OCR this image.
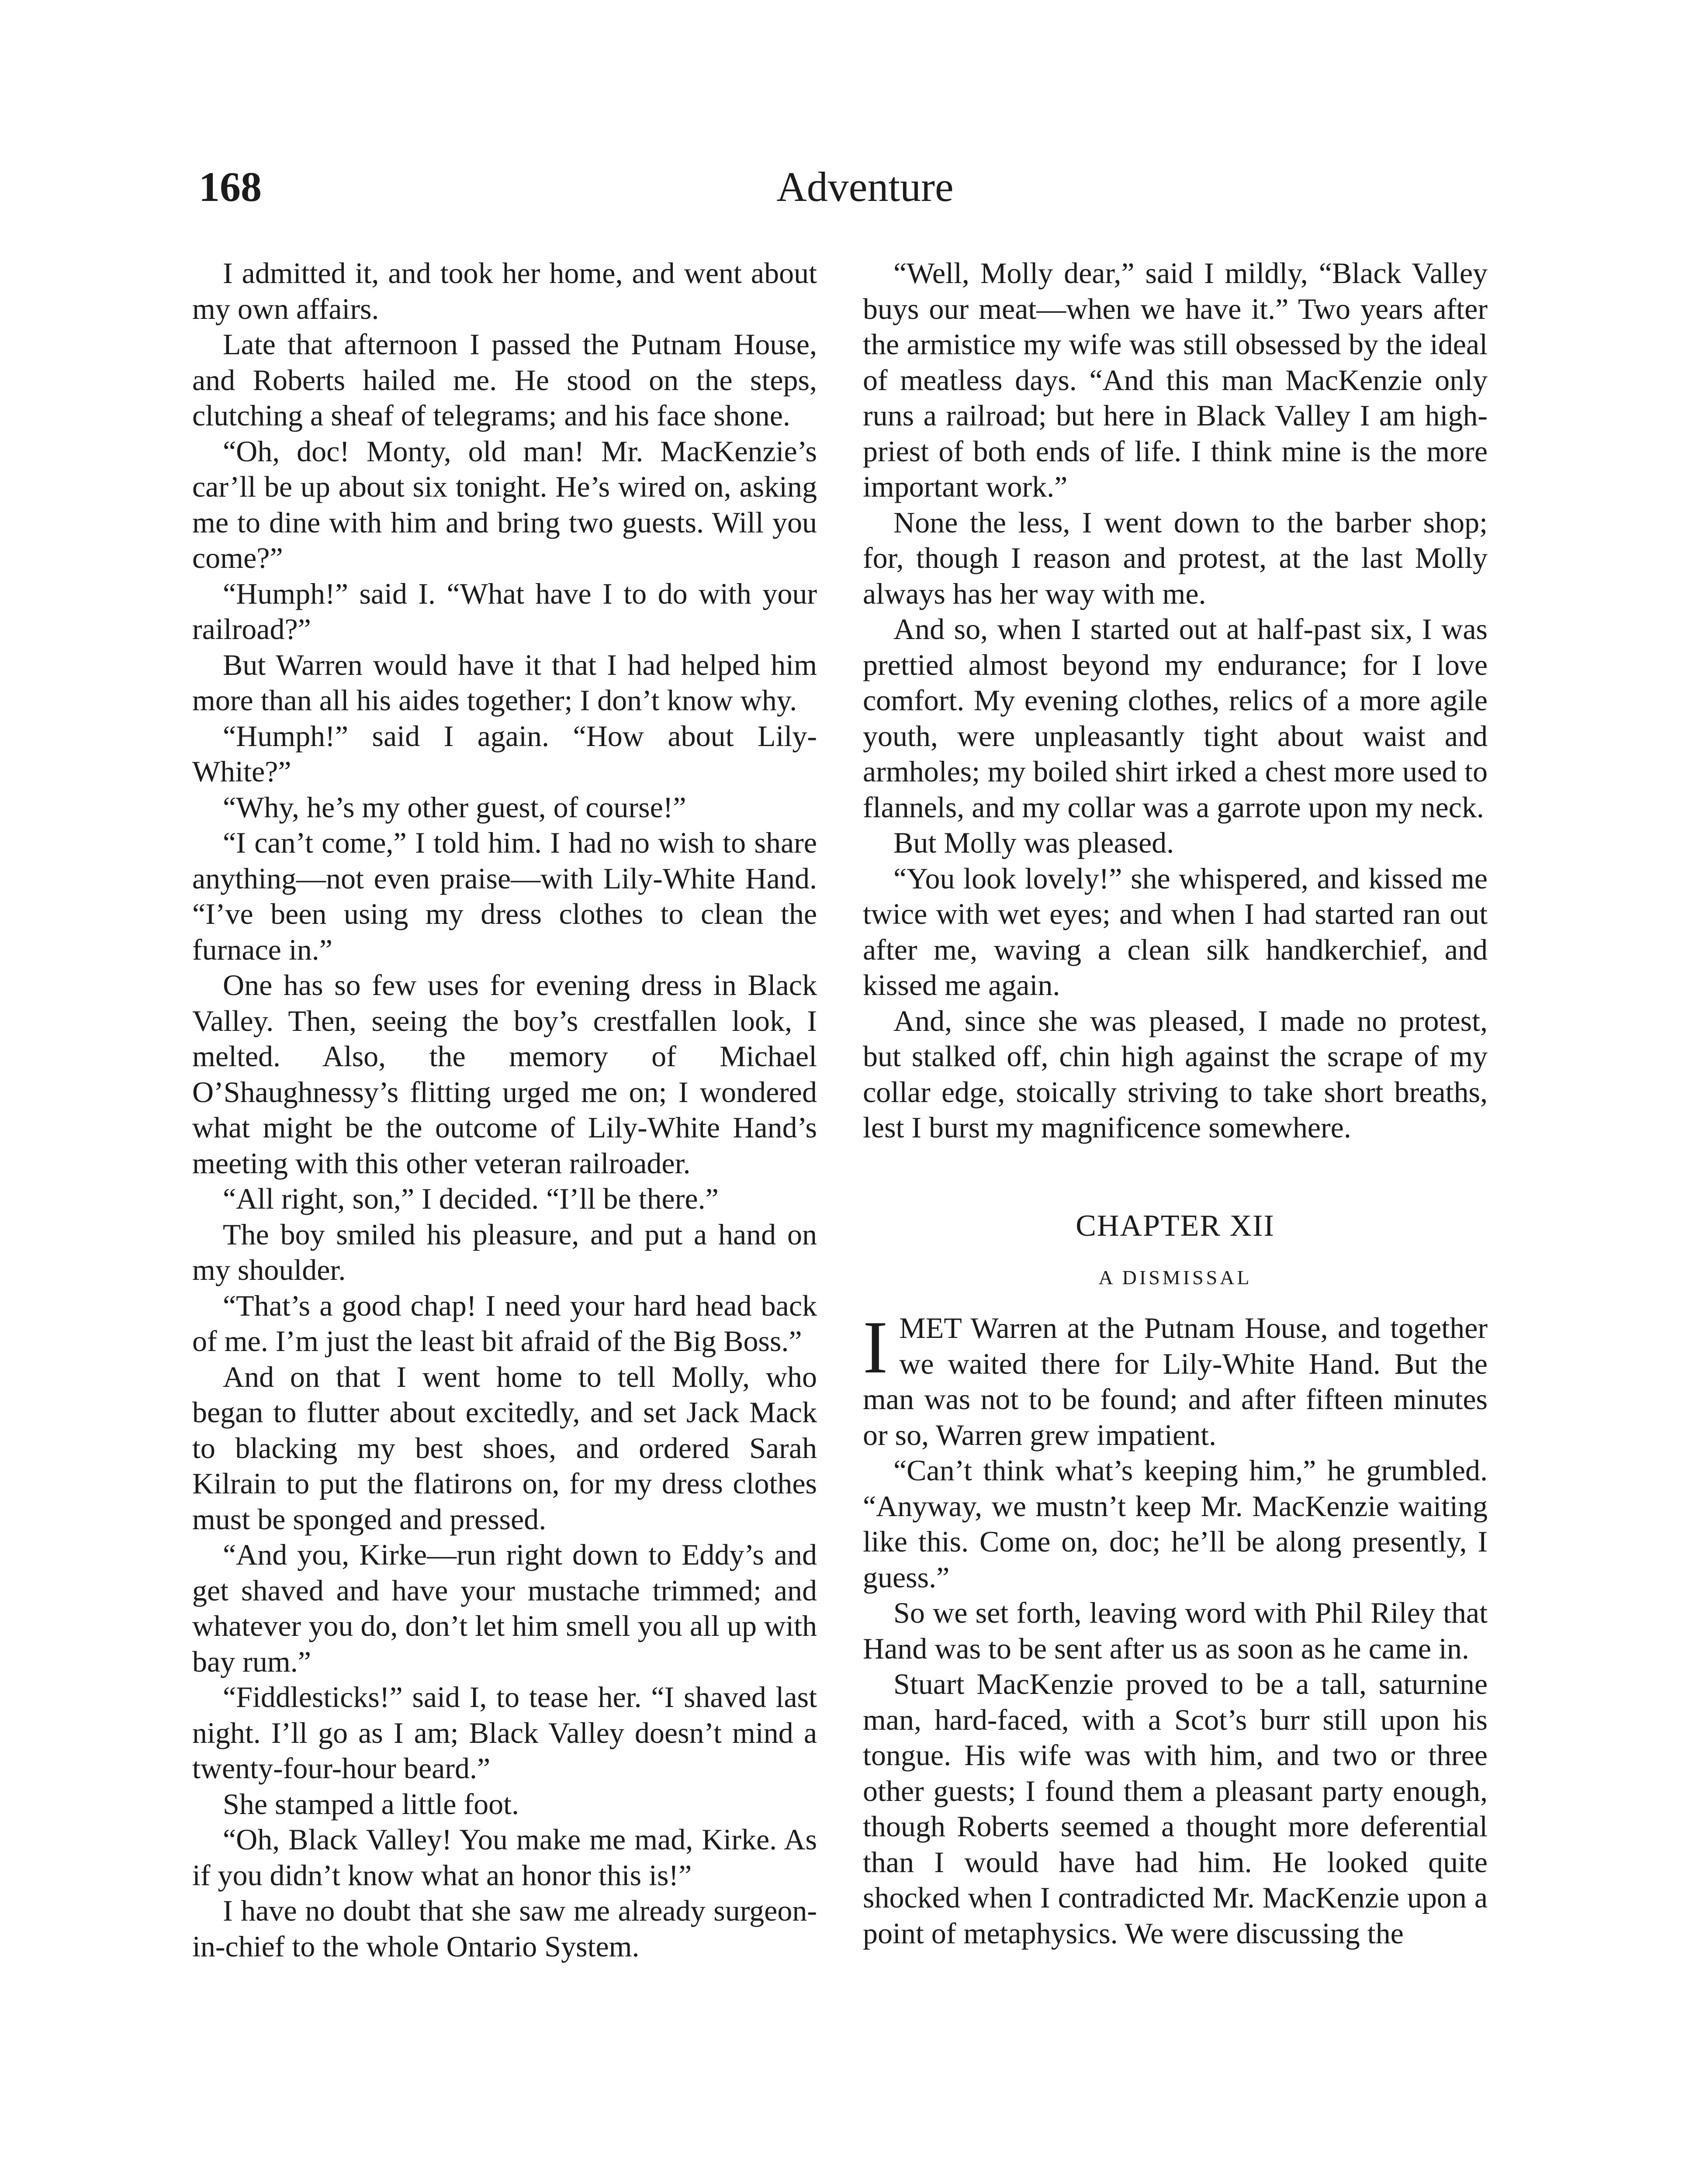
168	Adventure

I admitted it, and took her home, and went about my own affairs.

Late that afternoon I passed the Putnam House, and Roberts hailed me. He stood on the steps, clutching a sheaf of telegrams; and his face shone.

“Oh, doc! Monty, old man! Mr. MacKenzie’s car’ll be up about six tonight. He’s wired on, asking me to dine with him and bring two guests. Will you come?”

“Humph!” said I. “What have I to do with your railroad?”

But Warren would have it that I had helped him more than all his aides together; I don’t know why.

“Humph!” said I again. “How about Lily-White?”

“Why, he’s my other guest, of course!”

“I can’t come,” I told him. I had no wish to share anything—not even praise—with Lily-White Hand. “I’ve been using my dress clothes to clean the furnace in.”

One has so few uses for evening dress in Black Valley. Then, seeing the boy’s crestfallen look, I melted. Also, the memory of Michael O’Shaughnessy’s flitting urged me on; I wondered what might be the outcome of Lily-White Hand’s meeting with this other veteran railroader.

“All right, son,” I decided. “I’ll be there.”

The boy smiled his pleasure, and put a hand on my shoulder.

“That’s a good chap! I need your hard head back of me. I’m just the least bit afraid of the Big Boss.”

And on that I went home to tell Molly, who began to flutter about excitedly, and set Jack Mack to blacking my best shoes, and ordered Sarah Kilrain to put the flatirons on, for my dress clothes must be sponged and pressed.

“And you, Kirke—run right down to Eddy’s and get shaved and have your mustache trimmed; and whatever you do, don’t let him smell you all up with bay rum.”

“Fiddlesticks!” said I, to tease her. “I shaved last night. I’ll go as I am; Black Valley doesn’t mind a twenty-four-hour beard.”

She stamped a little foot.

“Oh, Black Valley! You make me mad, Kirke. As if you didn’t know what an honor this is!”

I have no doubt that she saw me already surgeon-in-chief to the whole Ontario System.

“Well, Molly dear,” said I mildly, “Black Valley buys our meat—when we have it.” Two years after the armistice my wife was still obsessed by the ideal of meatless days. “And this man MacKenzie only runs a railroad; but here in Black Valley I am high-priest of both ends of life. I think mine is the more important work.”

None the less, I went down to the barber shop; for, though I reason and protest, at the last Molly always has her way with me.

And so, when I started out at half-past six, I was prettied almost beyond my endurance; for I love comfort. My evening clothes, relics of a more agile youth, were unpleasantly tight about waist and armholes; my boiled shirt irked a chest more used to flannels, and my collar was a garrote upon my neck.

But Molly was pleased.

“You look lovely!” she whispered, and kissed me twice with wet eyes; and when I had started ran out after me, waving a clean silk handkerchief, and kissed me again.

And, since she was pleased, I made no protest, but stalked off, chin high against the scrape of my collar edge, stoically striving to take short breaths, lest I burst my magnificence somewhere.

CHAPTER XII
A DISMISSAL

IMET Warren at the Putnam House, and together we waited there for Lily-White Hand. But the man was not to be found; and after fifteen minutes or so, Warren grew impatient.

“Can’t think what’s keeping him,” he grumbled. “Anyway, we mustn’t keep Mr. MacKenzie waiting like this. Come on, doc; he’ll be along presently, I guess.”

So we set forth, leaving word with Phil Riley that Hand was to be sent after us as soon as he came in.

Stuart MacKenzie proved to be a tall, saturnine man, hard-faced, with a Scot’s burr still upon his tongue. His wife was with him, and two or three other guests; I found them a pleasant party enough, though Roberts seemed a thought more deferential than I would have had him. He looked quite shocked when I contradicted Mr. MacKenzie upon a point of metaphysics. We were discussing the
